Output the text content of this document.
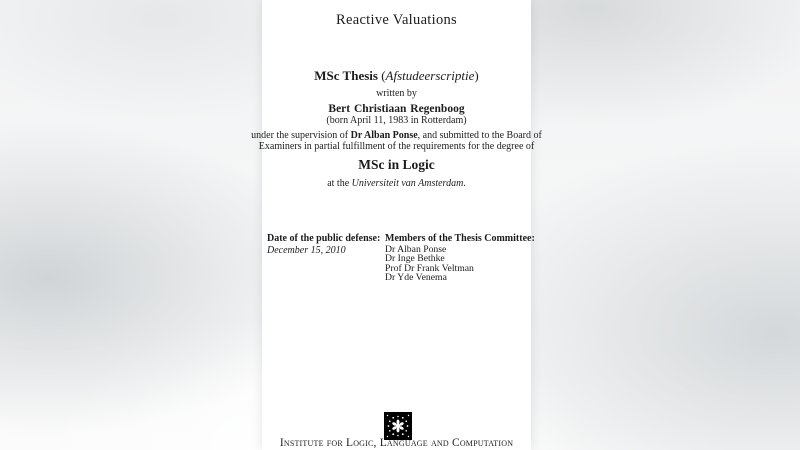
Reactive Valuations
MSc Thesis (Afstudeerscriptie)
written by
Bert Christiaan Regenboog
(born April 11, 1983 in Rotterdam)
under the supervision of Dr Alban Ponse, and submitted to the Board of
Examiners in partial fulfillment of the requirements for the degree of
MSc in Logic
at the Universiteit van Amsterdam.
Date of the public defense:
December 15, 2010
Members of the Thesis Committee:
Dr Alban Ponse
Dr Inge Bethke
Prof Dr Frank Veltman
Dr Yde Venema
Institute for Logic, Language and Computation
